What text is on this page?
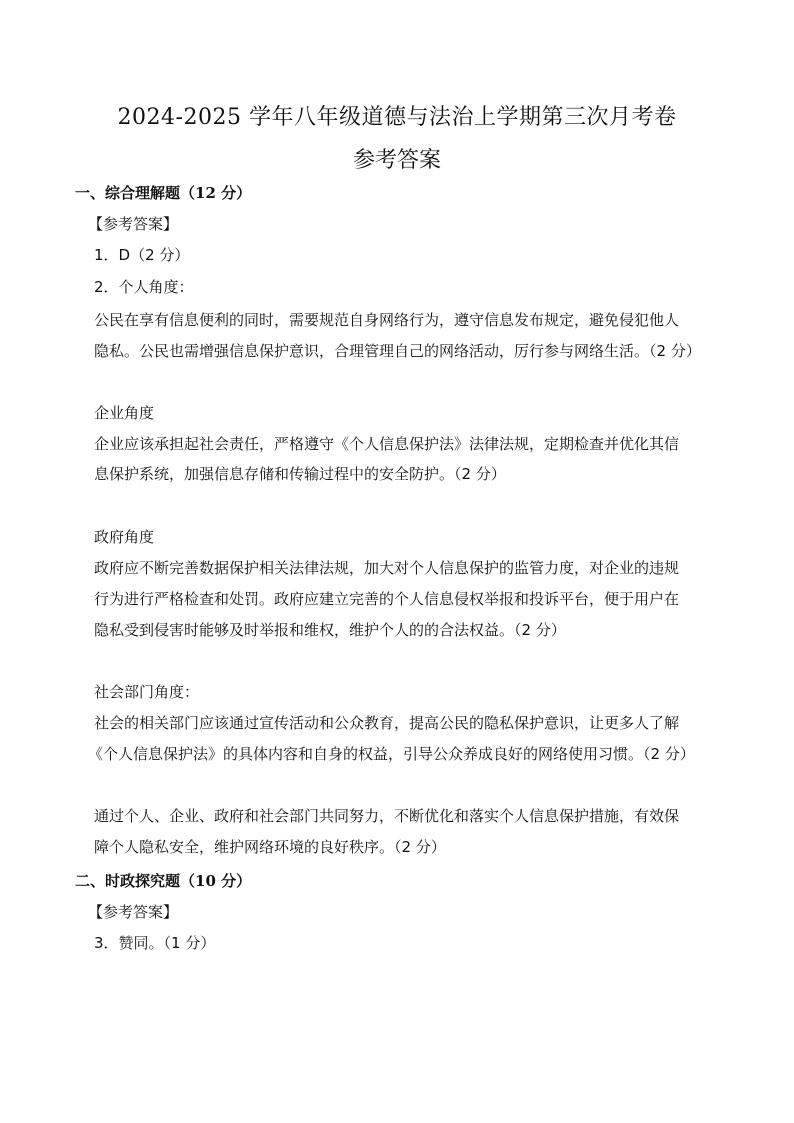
2024-2025 学年八年级道德与法治上学期第三次月考卷
参考答案
一、综合理解题（12 分）
【参考答案】
1．D（2 分）
2．个人角度：
公民在享有信息便利的同时，需要规范自身网络行为，遵守信息发布规定，避免侵犯他人
隐私。公民也需增强信息保护意识，合理管理自己的网络活动，厉行参与网络生活。（2 分）
企业角度
企业应该承担起社会责任，严格遵守《个人信息保护法》法律法规，定期检查并优化其信
息保护系统，加强信息存储和传输过程中的安全防护。（2 分）
政府角度
政府应不断完善数据保护相关法律法规，加大对个人信息保护的监管力度，对企业的违规
行为进行严格检查和处罚。政府应建立完善的个人信息侵权举报和投诉平台，便于用户在
隐私受到侵害时能够及时举报和维权，维护个人的的合法权益。（2 分）
社会部门角度：
社会的相关部门应该通过宣传活动和公众教育，提高公民的隐私保护意识，让更多人了解
《个人信息保护法》的具体内容和自身的权益，引导公众养成良好的网络使用习惯。（2 分）
通过个人、企业、政府和社会部门共同努力，不断优化和落实个人信息保护措施，有效保
障个人隐私安全，维护网络环境的良好秩序。（2 分）
二、时政探究题（10 分）
【参考答案】
3．赞同。（1 分）
